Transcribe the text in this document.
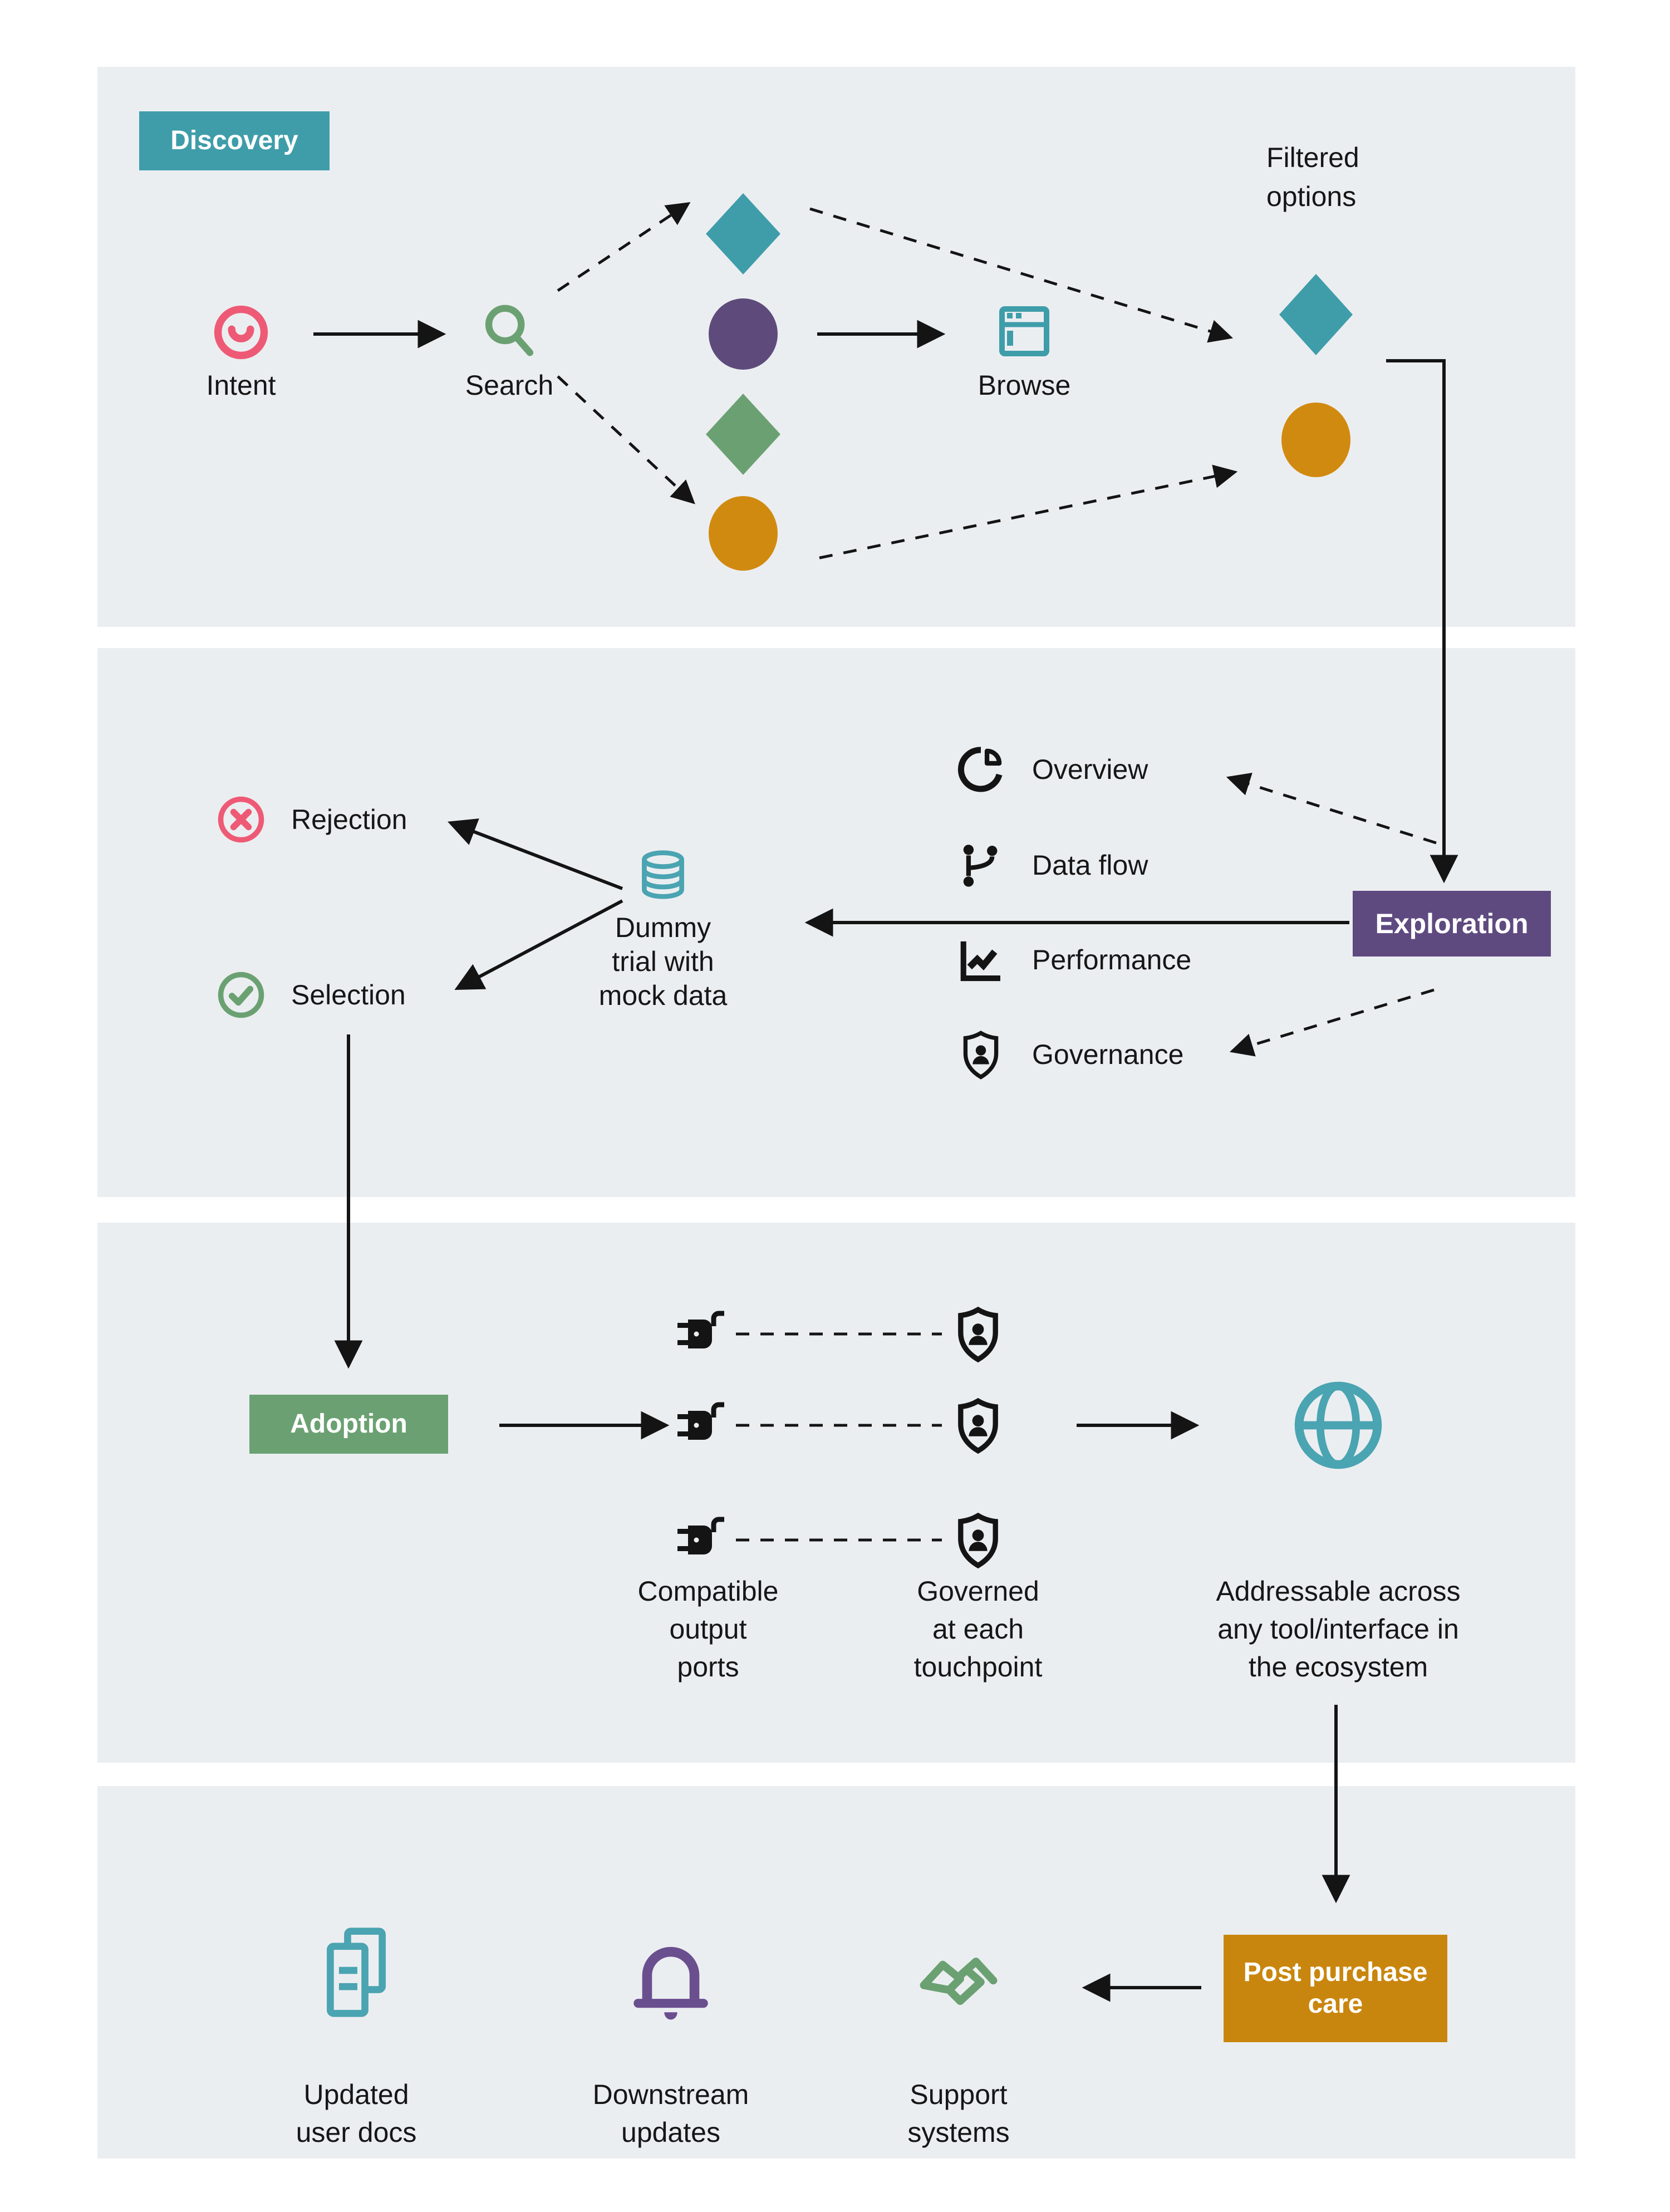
Discovery
Intent	Search	Browse
Filtered
options
Rejection
Selection
Dummy
trial with
mock data
Overview
Data flow
Performance
Governance
Exploration
Adoption
Compatible
output
ports
Governed
at each
touchpoint
Addressable across
any tool/interface in
the ecosystem
Updated
user docs
Downstream
updates
Support
systems
Post purchase
care
